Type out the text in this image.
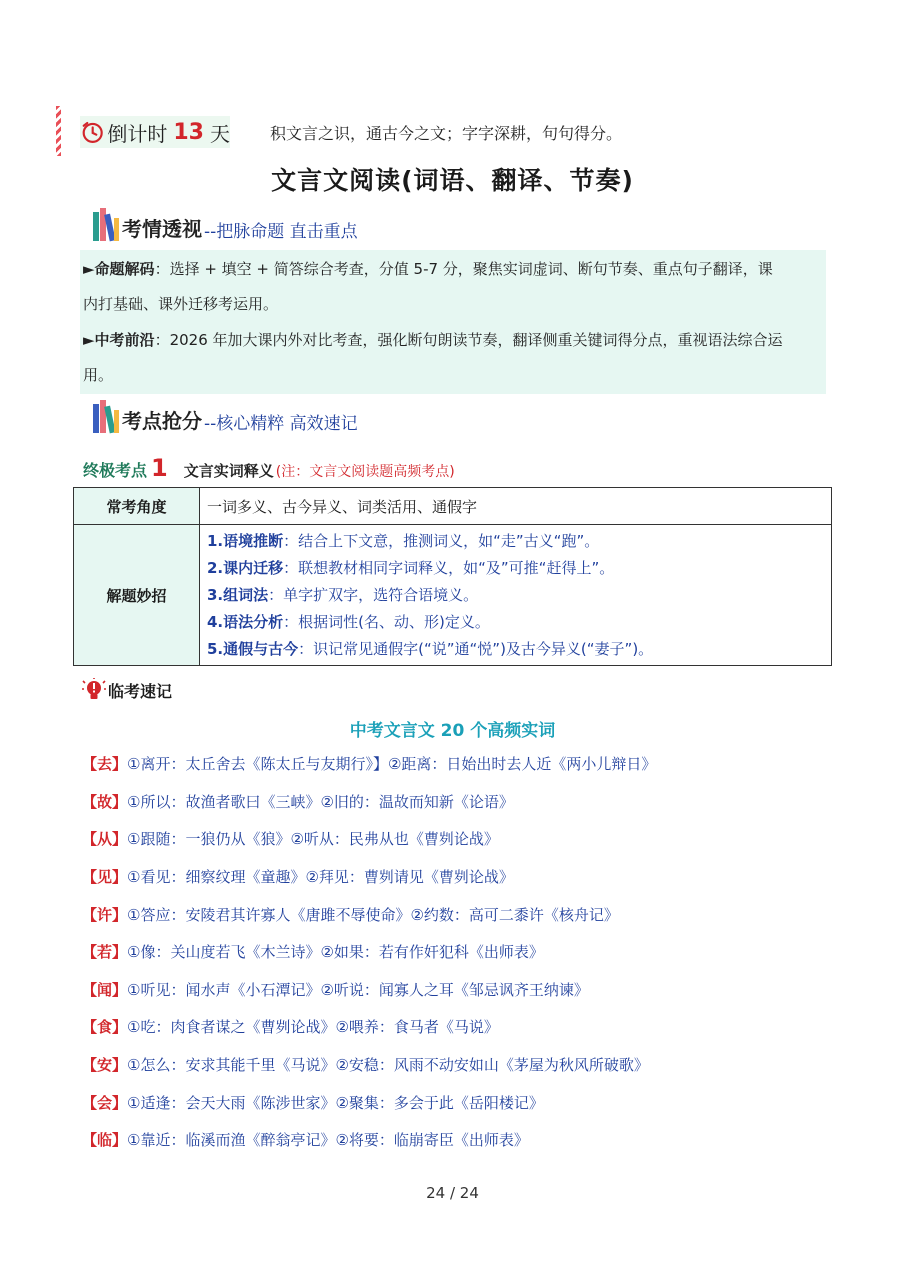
倒计时 13 天	积文言之识，通古今之文；字字深耕，句句得分。
文言文阅读(词语、翻译、节奏)
考情透视 --把脉命题 直击重点
►命题解码：选择 + 填空 + 简答综合考查，分值 5-7 分，聚焦实词虚词、断句节奏、重点句子翻译，课
内打基础、课外迁移考运用。
►中考前沿：2026 年加大课内外对比考查，强化断句朗读节奏，翻译侧重关键词得分点，重视语法综合运
用。
考点抢分 --核心精粹 高效速记
终极考点 1 文言实词释义 (注：文言文阅读题高频考点)
常考角度	一词多义、古今异义、词类活用、通假字
解题妙招	1.语境推断：结合上下文意，推测词义，如“走”古义“跑”。
2.课内迁移：联想教材相同字词释义，如“及”可推“赶得上”。
3.组词法：单字扩双字，选符合语境义。
4.语法分析：根据词性(名、动、形)定义。
5.通假与古今：识记常见通假字(“说”通“悦”)及古今异义(“妻子”)。
临考速记
中考文言文 20 个高频实词
【去】①离开：太丘舍去《陈太丘与友期行》】②距离：日始出时去人近《两小儿辩日》
【故】①所以：故渔者歌曰《三峡》②旧的：温故而知新《论语》
【从】①跟随：一狼仍从《狼》②听从：民弗从也《曹刿论战》
【见】①看见：细察纹理《童趣》②拜见：曹刿请见《曹刿论战》
【许】①答应：安陵君其许寡人《唐雎不辱使命》②约数：高可二黍许《核舟记》
【若】①像：关山度若飞《木兰诗》②如果：若有作奸犯科《出师表》
【闻】①听见：闻水声《小石潭记》②听说：闻寡人之耳《邹忌讽齐王纳谏》
【食】①吃：肉食者谋之《曹刿论战》②喂养：食马者《马说》
【安】①怎么：安求其能千里《马说》②安稳：风雨不动安如山《茅屋为秋风所破歌》
【会】①适逢：会天大雨《陈涉世家》②聚集：多会于此《岳阳楼记》
【临】①靠近：临溪而渔《醉翁亭记》②将要：临崩寄臣《出师表》
24 / 24
